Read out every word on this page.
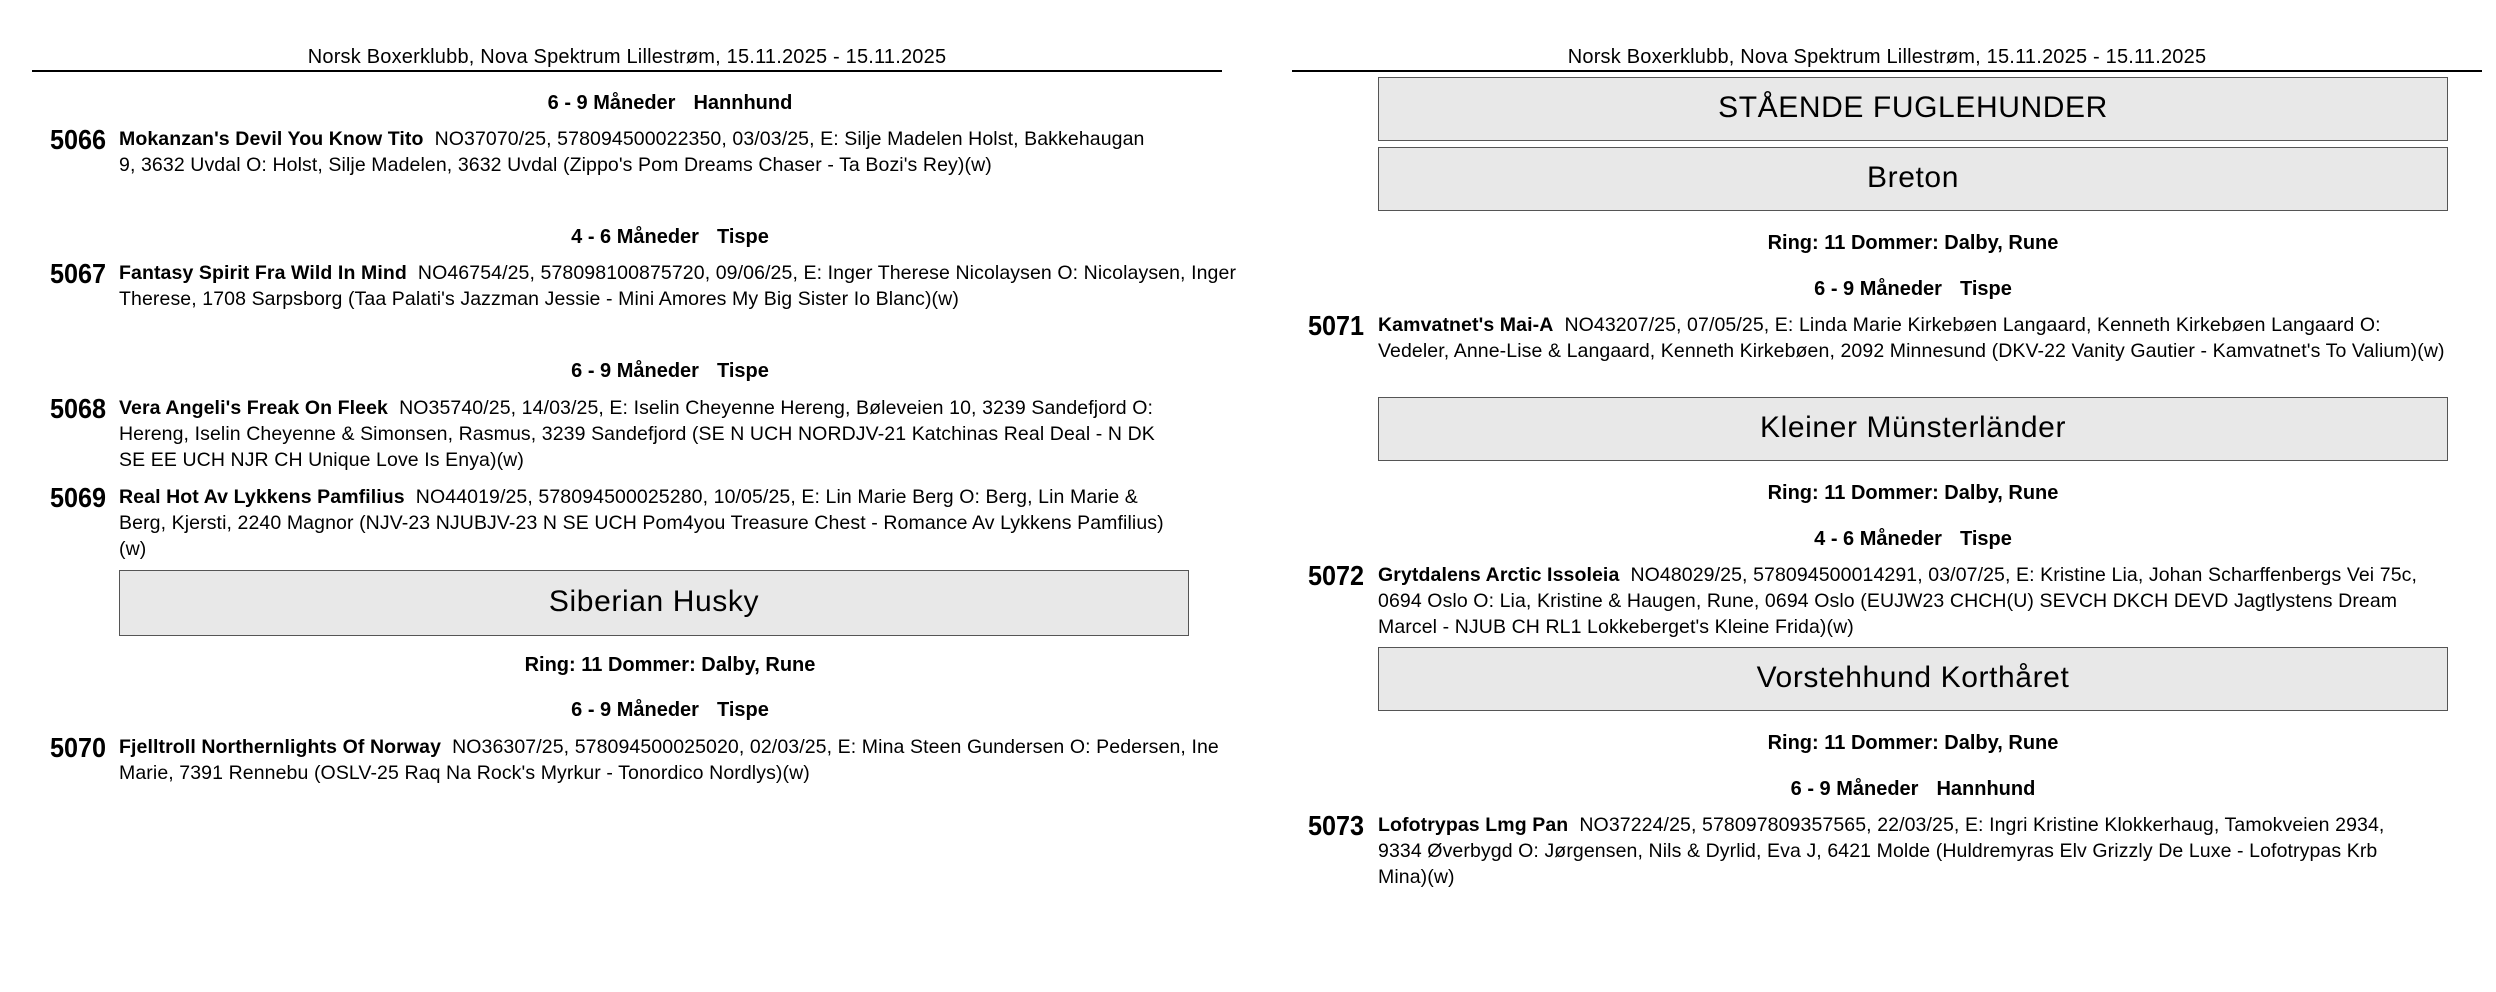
Norsk Boxerklubb, Nova Spektrum Lillestrøm, 15.11.2025 - 15.11.2025
6 - 9 Måneder Hannhund
5066 Mokanzan's Devil You Know Tito NO37070/25, 578094500022350, 03/03/25, E: Silje Madelen Holst, Bakkehaugan 9, 3632 Uvdal O: Holst, Silje Madelen, 3632 Uvdal (Zippo's Pom Dreams Chaser - Ta Bozi's Rey)(w)
4 - 6 Måneder Tispe
5067 Fantasy Spirit Fra Wild In Mind NO46754/25, 578098100875720, 09/06/25, E: Inger Therese Nicolaysen O: Nicolaysen, Inger Therese, 1708 Sarpsborg (Taa Palati's Jazzman Jessie - Mini Amores My Big Sister Io Blanc)(w)
6 - 9 Måneder Tispe
5068 Vera Angeli's Freak On Fleek NO35740/25, 14/03/25, E: Iselin Cheyenne Hereng, Bøleveien 10, 3239 Sandefjord O: Hereng, Iselin Cheyenne & Simonsen, Rasmus, 3239 Sandefjord (SE N UCH NORDJV-21 Katchinas Real Deal - N DK SE EE UCH NJR CH Unique Love Is Enya)(w)
5069 Real Hot Av Lykkens Pamfilius NO44019/25, 578094500025280, 10/05/25, E: Lin Marie Berg O: Berg, Lin Marie & Berg, Kjersti, 2240 Magnor (NJV-23 NJUBJV-23 N SE UCH Pom4you Treasure Chest - Romance Av Lykkens Pamfilius)(w)
Siberian Husky
Ring: 11 Dommer: Dalby, Rune
6 - 9 Måneder Tispe
5070 Fjelltroll Northernlights Of Norway NO36307/25, 578094500025020, 02/03/25, E: Mina Steen Gundersen O: Pedersen, Ine Marie, 7391 Rennebu (OSLV-25 Raq Na Rock's Myrkur - Tonordico Nordlys)(w)
Norsk Boxerklubb, Nova Spektrum Lillestrøm, 15.11.2025 - 15.11.2025
STÅENDE FUGLEHUNDER
Breton
Ring: 11 Dommer: Dalby, Rune
6 - 9 Måneder Tispe
5071 Kamvatnet's Mai-A NO43207/25, 07/05/25, E: Linda Marie Kirkebøen Langaard, Kenneth Kirkebøen Langaard O: Vedeler, Anne-Lise & Langaard, Kenneth Kirkebøen, 2092 Minnesund (DKV-22 Vanity Gautier - Kamvatnet's To Valium)(w)
Kleiner Münsterländer
Ring: 11 Dommer: Dalby, Rune
4 - 6 Måneder Tispe
5072 Grytdalens Arctic Issoleia NO48029/25, 578094500014291, 03/07/25, E: Kristine Lia, Johan Scharffenbergs Vei 75c, 0694 Oslo O: Lia, Kristine & Haugen, Rune, 0694 Oslo (EUJW23 CHCH(U) SEVCH DKCH DEVD Jagtlystens Dream Marcel - NJUB CH RL1 Lokkeberget's Kleine Frida)(w)
Vorstehhund Korthåret
Ring: 11 Dommer: Dalby, Rune
6 - 9 Måneder Hannhund
5073 Lofotrypas Lmg Pan NO37224/25, 578097809357565, 22/03/25, E: Ingri Kristine Klokkerhaug, Tamokveien 2934, 9334 Øverbygd O: Jørgensen, Nils & Dyrlid, Eva J, 6421 Molde (Huldremyras Elv Grizzly De Luxe - Lofotrypas Krb Mina)(w)
